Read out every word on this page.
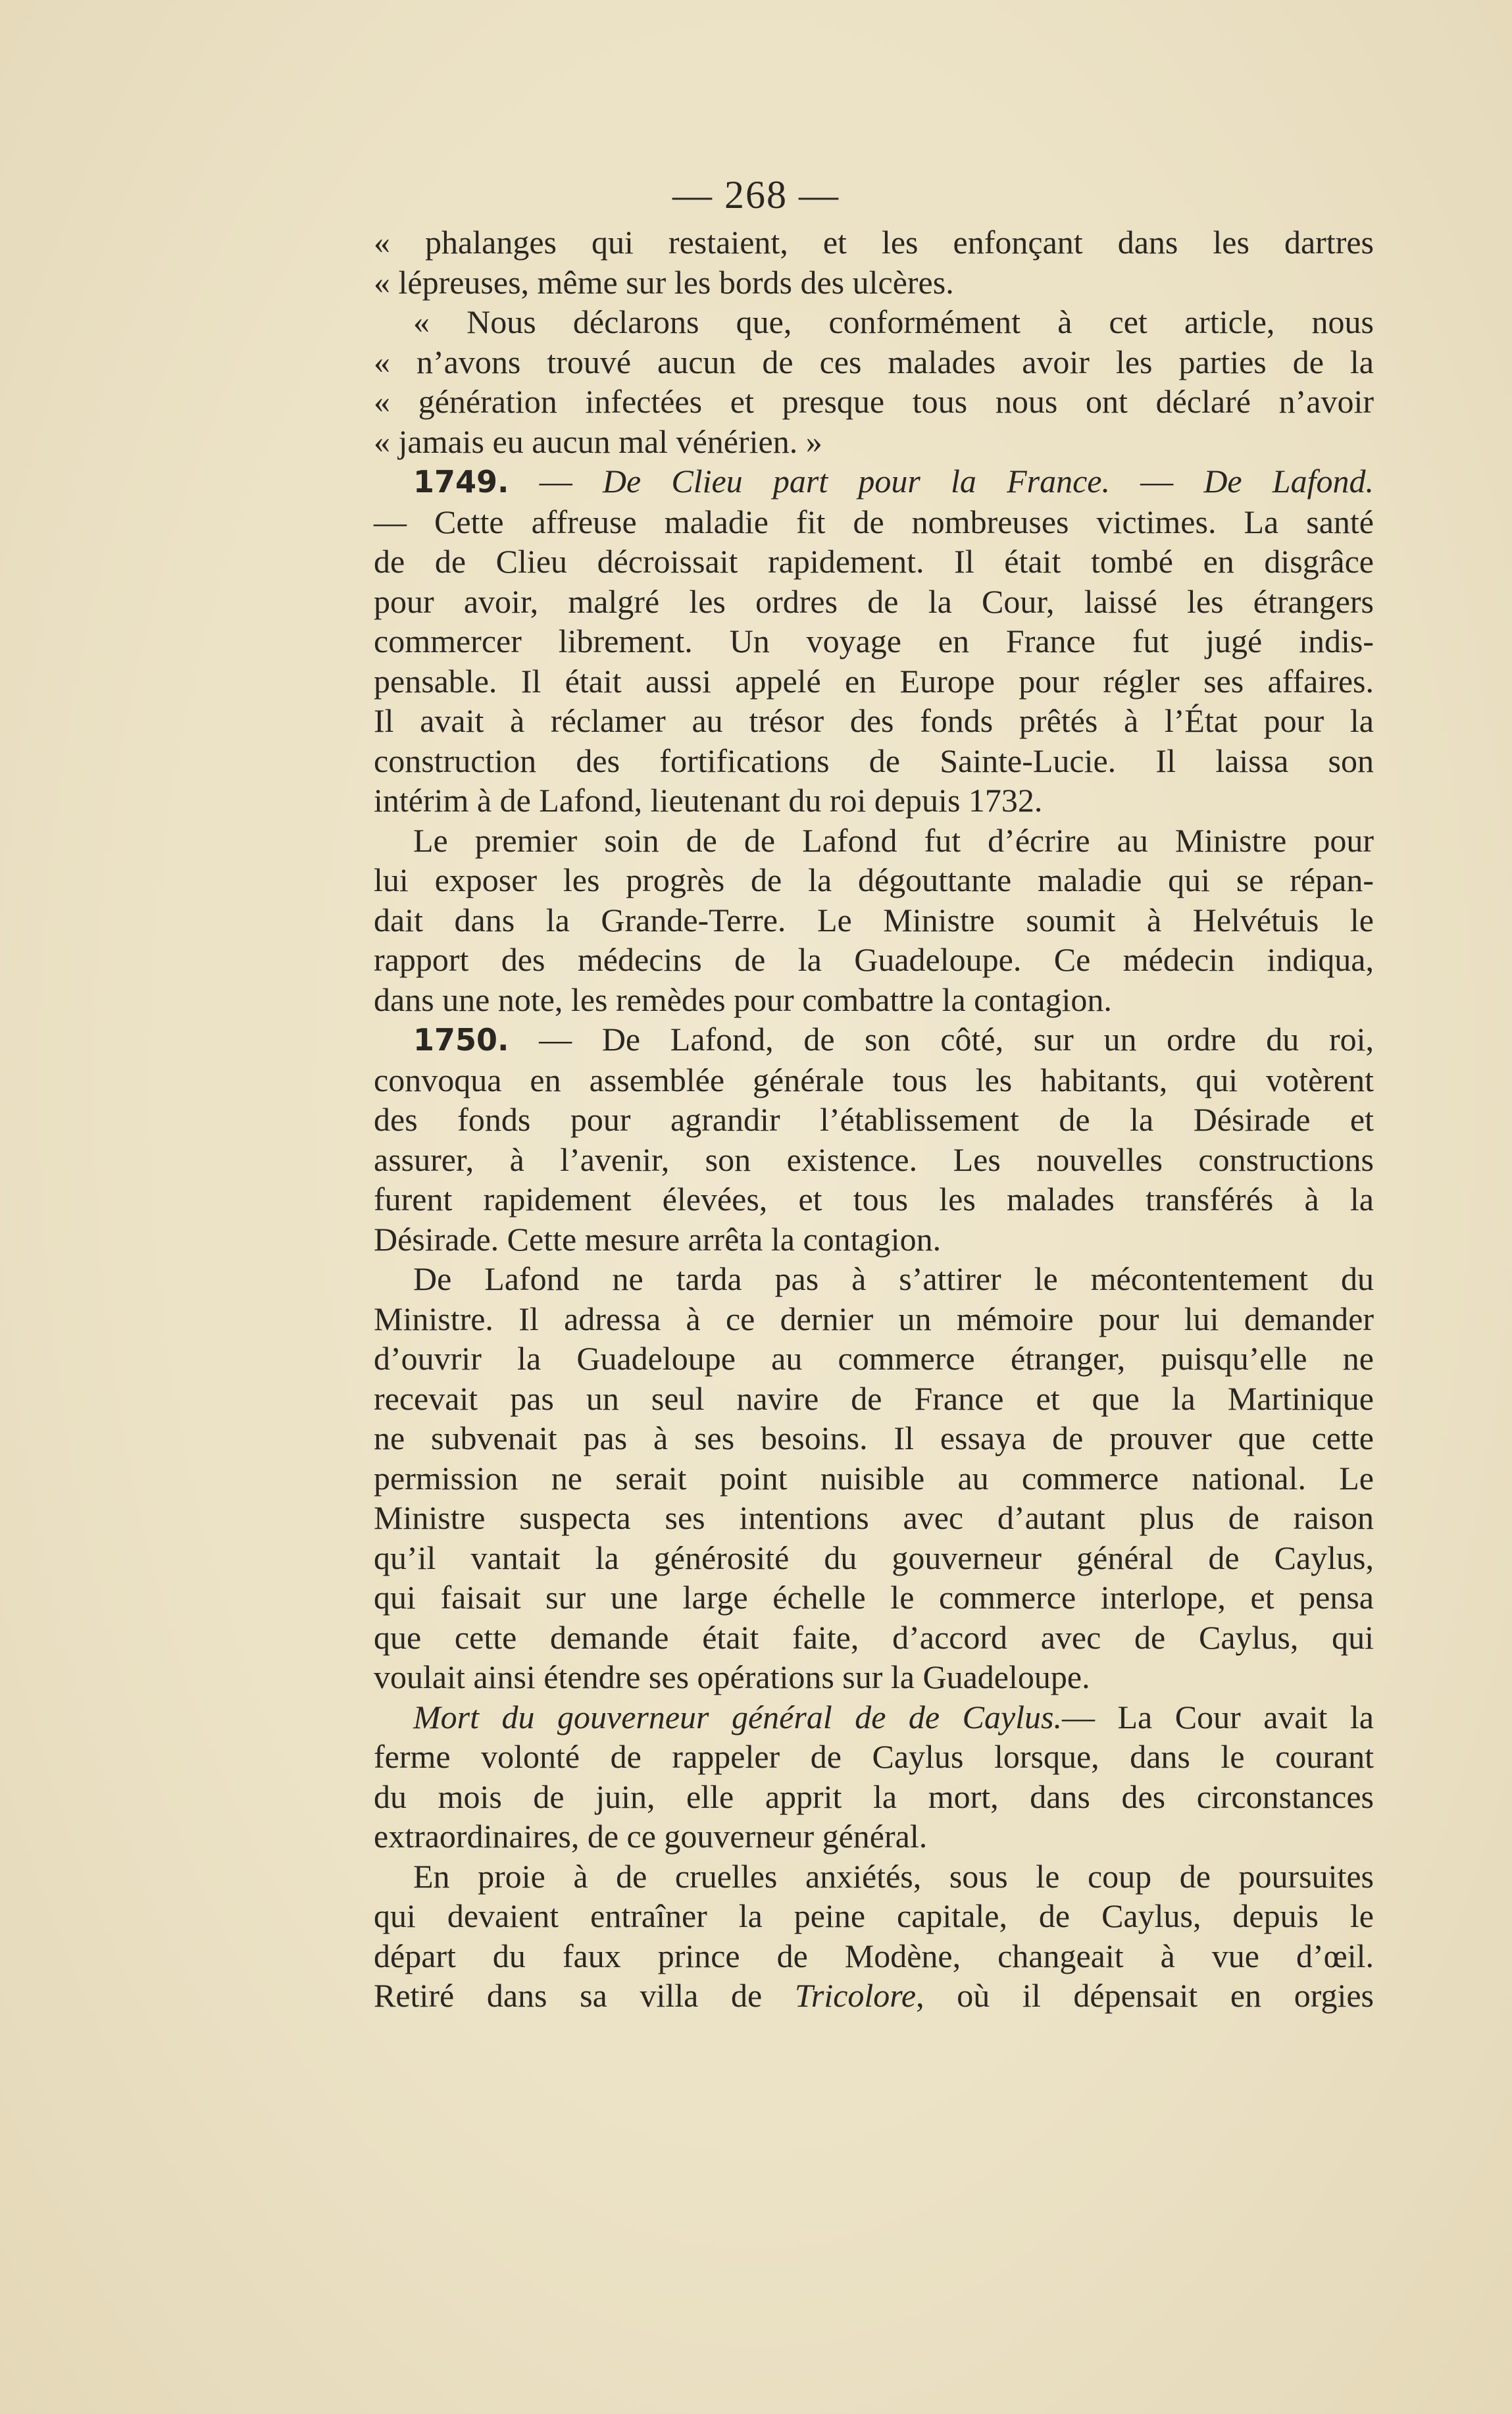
— 268 —
« phalanges qui restaient, et les enfonçant dans les dartres
« lépreuses, même sur les bords des ulcères.
« Nous déclarons que, conformément à cet article, nous
« n’avons trouvé aucun de ces malades avoir les parties de la
« génération infectées et presque tous nous ont déclaré n’avoir
« jamais eu aucun mal vénérien. »
1749. — De Clieu part pour la France. — De Lafond.
— Cette affreuse maladie fit de nombreuses victimes. La santé
de de Clieu décroissait rapidement. Il était tombé en disgrâce
pour avoir, malgré les ordres de la Cour, laissé les étrangers
commercer librement. Un voyage en France fut jugé indis-
pensable. Il était aussi appelé en Europe pour régler ses affaires.
Il avait à réclamer au trésor des fonds prêtés à l’État pour la
construction des fortifications de Sainte-Lucie. Il laissa son
intérim à de Lafond, lieutenant du roi depuis 1732.
Le premier soin de de Lafond fut d’écrire au Ministre pour
lui exposer les progrès de la dégouttante maladie qui se répan-
dait dans la Grande-Terre. Le Ministre soumit à Helvétuis le
rapport des médecins de la Guadeloupe. Ce médecin indiqua,
dans une note, les remèdes pour combattre la contagion.
1750. — De Lafond, de son côté, sur un ordre du roi,
convoqua en assemblée générale tous les habitants, qui votèrent
des fonds pour agrandir l’établissement de la Désirade et
assurer, à l’avenir, son existence. Les nouvelles constructions
furent rapidement élevées, et tous les malades transférés à la
Désirade. Cette mesure arrêta la contagion.
De Lafond ne tarda pas à s’attirer le mécontentement du
Ministre. Il adressa à ce dernier un mémoire pour lui demander
d’ouvrir la Guadeloupe au commerce étranger, puisqu’elle ne
recevait pas un seul navire de France et que la Martinique
ne subvenait pas à ses besoins. Il essaya de prouver que cette
permission ne serait point nuisible au commerce national. Le
Ministre suspecta ses intentions avec d’autant plus de raison
qu’il vantait la générosité du gouverneur général de Caylus,
qui faisait sur une large échelle le commerce interlope, et pensa
que cette demande était faite, d’accord avec de Caylus, qui
voulait ainsi étendre ses opérations sur la Guadeloupe.
Mort du gouverneur général de de Caylus.— La Cour avait la
ferme volonté de rappeler de Caylus lorsque, dans le courant
du mois de juin, elle apprit la mort, dans des circonstances
extraordinaires, de ce gouverneur général.
En proie à de cruelles anxiétés, sous le coup de poursuites
qui devaient entraîner la peine capitale, de Caylus, depuis le
départ du faux prince de Modène, changeait à vue d’œil.
Retiré dans sa villa de Tricolore, où il dépensait en orgies
